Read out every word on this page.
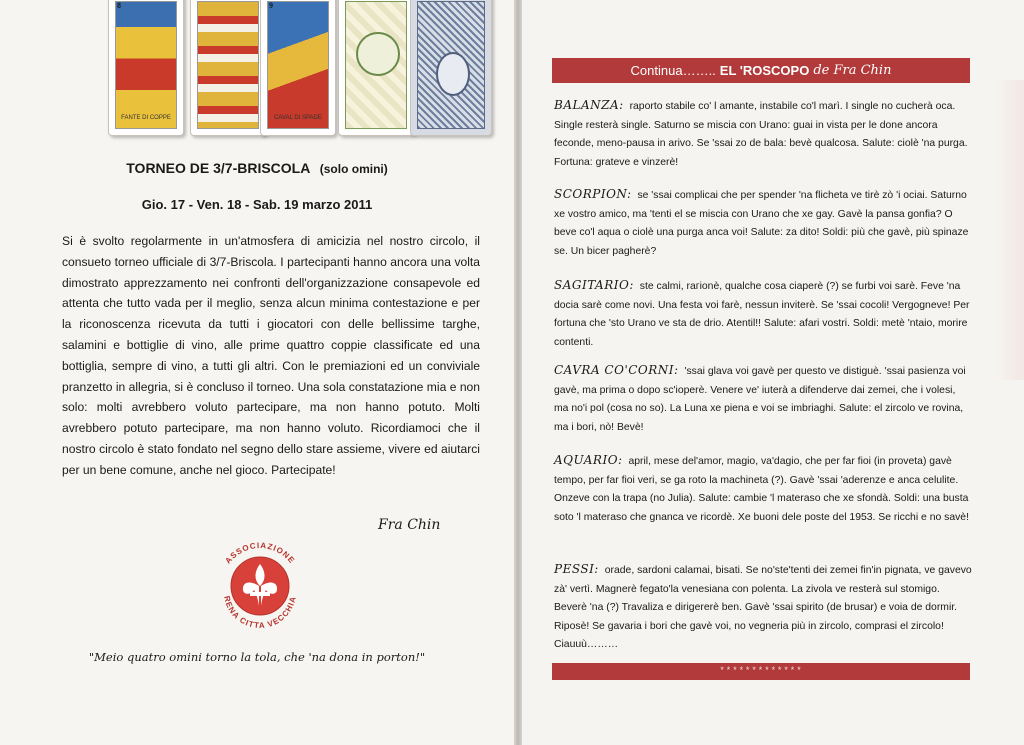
8
FANTE DI COPPE
9
CAVAL DI SPADE
TORNEO DE 3/7-BRISCOLA (solo omini)
Gio. 17 - Ven. 18 - Sab. 19 marzo 2011

Si è svolto regolarmente in un'atmosfera di amicizia nel nostro circolo, il consueto torneo ufficiale di 3/7-Briscola. I partecipanti hanno ancora una volta dimostrato apprezzamento nei confronti dell'organizzazione consapevole ed attenta che tutto vada per il meglio, senza alcun minima contestazione e per la riconoscenza ricevuta da tutti i giocatori con delle bellissime targhe, salamini e bottiglie di vino, alle prime quattro coppie classificate ed una bottiglia, sempre di vino, a tutti gli altri. Con le premiazioni ed un conviviale pranzetto in allegria, si è concluso il torneo. Una sola constatazione mia e non solo: molti avrebbero voluto partecipare, ma non hanno potuto. Molti avrebbero potuto partecipare, ma non hanno voluto. Ricordiamoci che il nostro circolo è stato fondato nel segno dello stare assieme, vivere ed aiutarci per un bene comune, anche nel gioco. Partecipate!

Fra Chin
ASSOCIAZIONE
RENA CITTA VECCHIA
"Meio quatro omini torno la tola, che 'na dona in porton!"
Continua…….. EL 'ROSCOPO de Fra Chin
BALANZA: raporto stabile co' l amante, instabile co'l marì. I single no cucherà oca. Single resterà single. Saturno se miscia con Urano: guai in vista per le done ancora feconde, meno-pausa in arivo. Se 'ssai zo de bala: bevè qualcosa. Salute: ciolè 'na purga. Fortuna: grateve e vinzerè!
SCORPION: se 'ssai complicai che per spender 'na flicheta ve tirè zò 'i ociai. Saturno xe vostro amico, ma 'tenti el se miscia con Urano che xe gay. Gavè la pansa gonfia? O beve co'l aqua o ciolè una purga anca voi! Salute: za dito! Soldi: più che gavè, più spinaze se. Un bicer pagherè?
SAGITARIO: ste calmi, rагionè, qualche cosa ciaperè (?) se furbi voi sarè. Feve 'na docia sarè come novi. Una festa voi farè, nessun inviterè. Se 'ssai cocoli! Vergogneve! Per fortuna che 'sto Urano ve sta de drio. Atentil!! Salute: afari vostri. Soldi: metè 'ntaio, morire contenti.
CAVRA CO'CORNI: 'ssai glava voi gavè per questo ve distiguè. 'ssai pasienza voi gavè, ma prima o dopo sc'ioperè. Venere ve' iuterà a difenderve dai zemei, che i volesi, ma no'i pol (cosa no so). La Luna xe piena e voi se imbriaghi. Salute: el zircolo ve rovina, ma i bori, nò! Bevè!
AQUARIO: april, mese del'amor, magio, va'dagio, che per far fioi (in proveta) gavè tempo, per far fioi veri, se ga roto la machineta (?). Gavè 'ssai 'aderenze e anca celulite. Onzeve con la trapa (no Julia). Salute: cambie 'l materaso che xe sfondà. Soldi: una busta soto 'l materaso che gnanca ve ricordè. Xe buoni dele poste del 1953. Se ricchi e no savè!
PESSI: orade, sardoni calamai, bisati. Se no'ste'tenti dei zemei fin'in pignata, ve gavevo zà' vertì. Magnerè fegato'la venesiana con polenta. La zivola ve resterà sul stomigo. Beverè 'na (?) Travaliza e dirigererè ben. Gavè 'ssai spirito (de brusar) e voia de dormir. Riposè! Se gavaria i bori che gavè voi, no vegneria più in zircolo, comprasi el zircolo! Ciauuù………
*************
